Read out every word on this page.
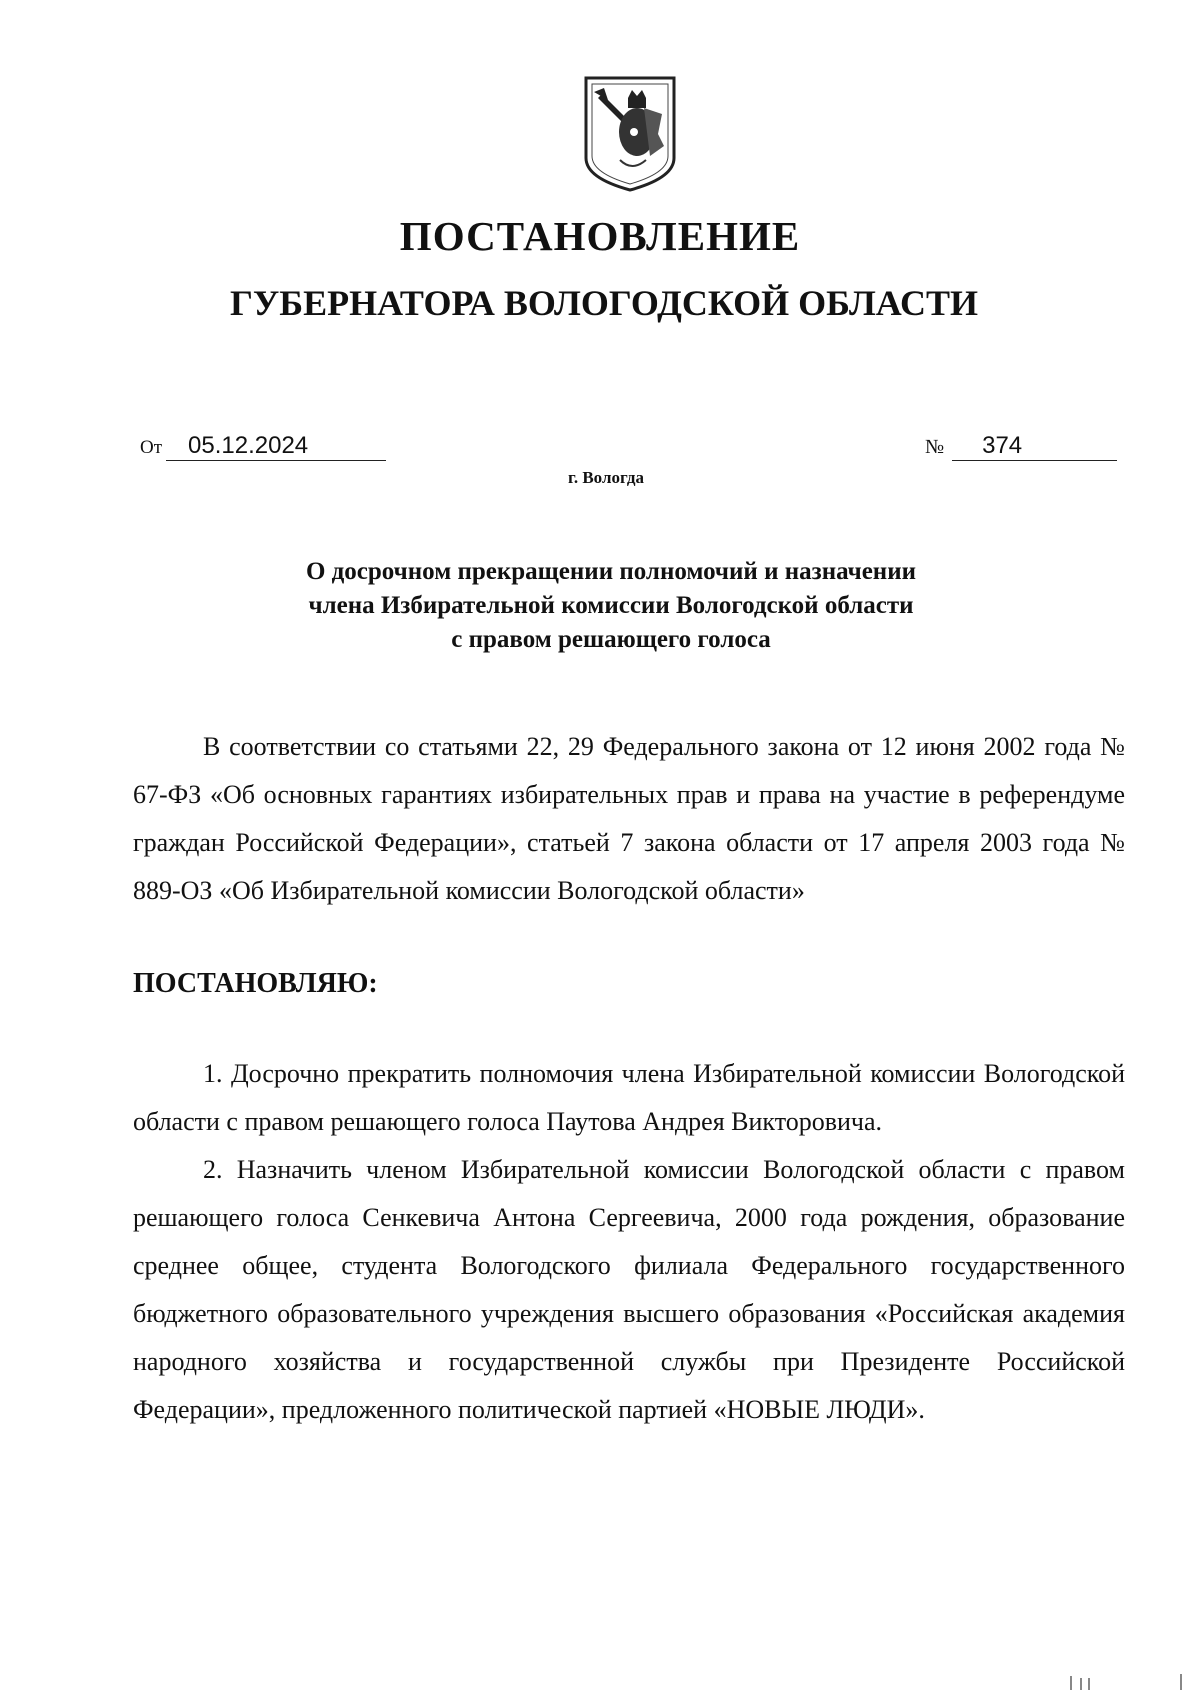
ПОСТАНОВЛЕНИЕ
ГУБЕРНАТОРА ВОЛОГОДСКОЙ ОБЛАСТИ
От 05.12.2024	№ 374
г. Вологда
О досрочном прекращении полномочий и назначении
члена Избирательной комиссии Вологодской области
с правом решающего голоса
В соответствии со статьями 22, 29 Федерального закона от 12 июня 2002 года № 67-ФЗ «Об основных гарантиях избирательных прав и права на участие в референдуме граждан Российской Федерации», статьей 7 закона области от 17 апреля 2003 года № 889-ОЗ «Об Избирательной комиссии Вологодской области»
ПОСТАНОВЛЯЮ:
1. Досрочно прекратить полномочия члена Избирательной комиссии Вологодской области с правом решающего голоса Паутова Андрея Викторовича.
2. Назначить членом Избирательной комиссии Вологодской области с правом решающего голоса Сенкевича Антона Сергеевича, 2000 года рождения, образование среднее общее, студента Вологодского филиала Федерального государственного бюджетного образовательного учреждения высшего образования «Российская академия народного хозяйства и государственной службы при Президенте Российской Федерации», предложенного политической партией «НОВЫЕ ЛЮДИ».
